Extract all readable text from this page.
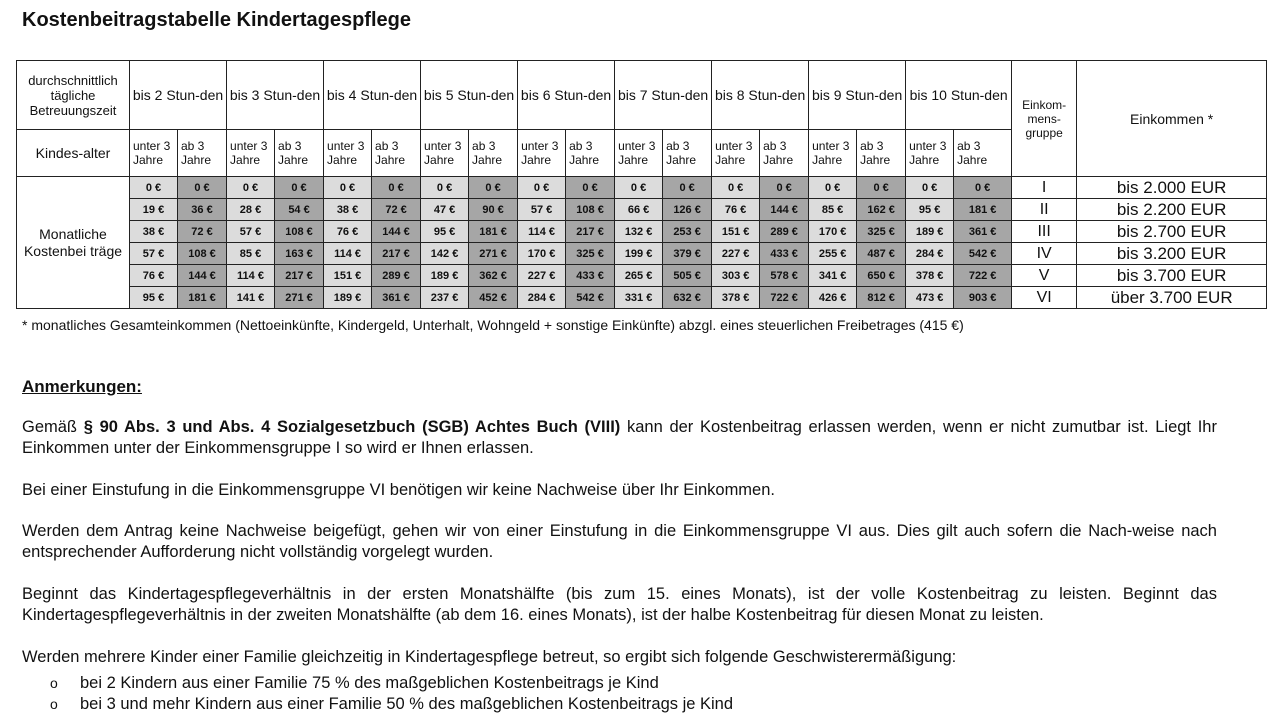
Kostenbeitragstabelle Kindertagespflege
durchschnittlich tägliche Betreuungszeit	bis 2 Stun-den		bis 3 Stun-den		bis 4 Stun-den		bis 5 Stun-den		bis 6 Stun-den		bis 7 Stun-den		bis 8 Stun-den		bis 9 Stun-den		bis 10 Stun-den		Einkom-mens-gruppe	Einkommen *
Kindes-alter	unter 3 Jahre	ab 3 Jahre	unter 3 Jahre	ab 3 Jahre	unter 3 Jahre	ab 3 Jahre	unter 3 Jahre	ab 3 Jahre	unter 3 Jahre	ab 3 Jahre	unter 3 Jahre	ab 3 Jahre	unter 3 Jahre	ab 3 Jahre	unter 3 Jahre	ab 3 Jahre	unter 3 Jahre	ab 3 Jahre		
Monatliche Kostenbei träge	0 €	0 €	0 €	0 €	0 €	0 €	0 €	0 €	0 €	0 €	0 €	0 €	0 €	0 €	0 €	0 €	0 €	0 €	I	bis 2.000 EUR
	19 €	36 €	28 €	54 €	38 €	72 €	47 €	90 €	57 €	108 €	66 €	126 €	76 €	144 €	85 €	162 €	95 €	181 €	II	bis 2.200 EUR
	38 €	72 €	57 €	108 €	76 €	144 €	95 €	181 €	114 €	217 €	132 €	253 €	151 €	289 €	170 €	325 €	189 €	361 €	III	bis 2.700 EUR
	57 €	108 €	85 €	163 €	114 €	217 €	142 €	271 €	170 €	325 €	199 €	379 €	227 €	433 €	255 €	487 €	284 €	542 €	IV	bis 3.200 EUR
	76 €	144 €	114 €	217 €	151 €	289 €	189 €	362 €	227 €	433 €	265 €	505 €	303 €	578 €	341 €	650 €	378 €	722 €	V	bis 3.700 EUR
	95 €	181 €	141 €	271 €	189 €	361 €	237 €	452 €	284 €	542 €	331 €	632 €	378 €	722 €	426 €	812 €	473 €	903 €	VI	über 3.700 EUR
* monatliches Gesamteinkommen (Nettoeinkünfte, Kindergeld, Unterhalt, Wohngeld + sonstige Einkünfte) abzgl. eines steuerlichen Freibetrages (415 €)
Anmerkungen:
Gemäß § 90 Abs. 3 und Abs. 4 Sozialgesetzbuch (SGB) Achtes Buch (VIII) kann der Kostenbeitrag erlassen werden, wenn er nicht zumutbar ist. Liegt Ihr Einkommen unter der Einkommensgruppe I so wird er Ihnen erlassen.
Bei einer Einstufung in die Einkommensgruppe VI benötigen wir keine Nachweise über Ihr Einkommen.
Werden dem Antrag keine Nachweise beigefügt, gehen wir von einer Einstufung in die Einkommensgruppe VI aus. Dies gilt auch sofern die Nach-weise nach entsprechender Aufforderung nicht vollständig vorgelegt wurden.
Beginnt das Kindertagespflegeverhältnis in der ersten Monatshälfte (bis zum 15. eines Monats), ist der volle Kostenbeitrag zu leisten. Beginnt das Kindertagespflegeverhältnis in der zweiten Monatshälfte (ab dem 16. eines Monats), ist der halbe Kostenbeitrag für diesen Monat zu leisten.
Werden mehrere Kinder einer Familie gleichzeitig in Kindertagespflege betreut, so ergibt sich folgende Geschwisterermäßigung:
o bei 2 Kindern aus einer Familie 75 % des maßgeblichen Kostenbeitrags je Kind
o bei 3 und mehr Kindern aus einer Familie 50 % des maßgeblichen Kostenbeitrags je Kind
